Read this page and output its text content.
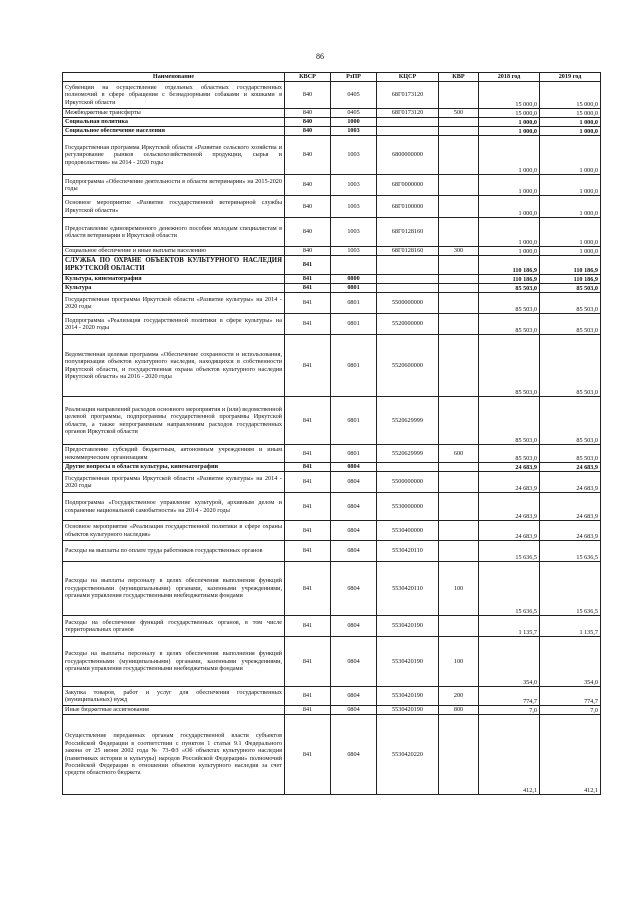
86
Наименование	КВСР	РзПР	КЦСР	КВР	2018 год	2019 год
Субвенции на осуществление отдельных областных государственных полномочий в сфере обращения с безнадзорными собаками и кошками в Иркутской области	840	0405	68Г0173120		15 000,0	15 000,0
Межбюджетные трансферты	840	0405	68Г0173120	500	15 000,0	15 000,0
Социальная политика	840	1000			1 000,0	1 000,0
Социальное обеспечение населения	840	1003			1 000,0	1 000,0
Государственная программа Иркутской области «Развитие сельского хозяйства и регулирование рынков сельскохозяйственной продукции, сырья и продовольствия» на 2014 - 2020 годы	840	1003	6800000000		1 000,0	1 000,0
Подпрограмма «Обеспечение деятельности в области ветеринарии» на 2015-2020 годы	840	1003	68Г0000000		1 000,0	1 000,0
Основное мероприятие «Развитие государственной ветеринарной службы Иркутской области»	840	1003	68Г0100000		1 000,0	1 000,0
Предоставление единовременного денежного пособия молодым специалистам в области ветеринарии в Иркутской области	840	1003	68Г0128160		1 000,0	1 000,0
Социальное обеспечение и иные выплаты населению	840	1003	68Г0128160	300	1 000,0	1 000,0
СЛУЖБА ПО ОХРАНЕ ОБЪЕКТОВ КУЛЬТУРНОГО НАСЛЕДИЯ ИРКУТСКОЙ ОБЛАСТИ	841				110 186,9	110 186,9
Культура, кинематография	841	0800			110 186,9	110 186,9
Культура	841	0801			85 503,0	85 503,0
Государственная программа Иркутской области «Развитие культуры» на 2014 - 2020 годы	841	0801	5500000000		85 503,0	85 503,0
Подпрограмма «Реализация государственной политики в сфере культуры» на 2014 - 2020 годы	841	0801	5520000000		85 503,0	85 503,0
Ведомственная целевая программа «Обеспечение сохранности и использования, популяризация объектов культурного наследия, находящихся в собственности Иркутской области, и государственная охрана объектов культурного наследия Иркутской области» на 2016 - 2020 годы	841	0801	5520600000		85 503,0	85 503,0
Реализация направлений расходов основного мероприятия и (или) ведомственной целевой программы, подпрограммы государственной программы Иркутской области, а также непрограммным направлениям расходов государственных органов Иркутской области	841	0801	5520629999		85 503,0	85 503,0
Предоставление субсидий бюджетным, автономным учреждениям и иным некоммерческим организациям	841	0801	5520629999	600	85 503,0	85 503,0
Другие вопросы в области культуры, кинематографии	841	0804			24 683,9	24 683,9
Государственная программа Иркутской области «Развитие культуры» на 2014 - 2020 годы	841	0804	5500000000		24 683,9	24 683,9
Подпрограмма «Государственное управление культурой, архивным делом и сохранение национальной самобытности» на 2014 - 2020 годы	841	0804	5530000000		24 683,9	24 683,9
Основное мероприятие «Реализация государственной политики в сфере охраны объектов культурного наследия»	841	0804	5530400000		24 683,9	24 683,9
Расходы на выплаты по оплате труда работников государственных органов	841	0804	5530420110		15 636,5	15 636,5
Расходы на выплаты персоналу в целях обеспечения выполнения функций государственными (муниципальными) органами, казенными учреждениями, органами управления государственными внебюджетными фондами	841	0804	5530420110	100	15 636,5	15 636,5
Расходы на обеспечение функций государственных органов, в том числе территориальных органов	841	0804	5530420190		1 135,7	1 135,7
Расходы на выплаты персоналу в целях обеспечения выполнения функций государственными (муниципальными) органами, казенными учреждениями, органами управления государственными внебюджетными фондами	841	0804	5530420190	100	354,0	354,0
Закупка товаров, работ и услуг для обеспечения государственных (муниципальных) нужд	841	0804	5530420190	200	774,7	774,7
Иные бюджетные ассигнования	841	0804	5530420190	800	7,0	7,0
Осуществление переданных органам государственной власти субъектов Российской Федерации в соответствии с пунктом 1 статьи 9.1 Федерального закона от 25 июня 2002 года № 73-ФЗ «Об объектах культурного наследия (памятниках истории и культуры) народов Российской Федерации» полномочий Российской Федерации в отношении объектов культурного наследия за счет средств областного бюджета	841	0804	5530420220		412,1	412,1
